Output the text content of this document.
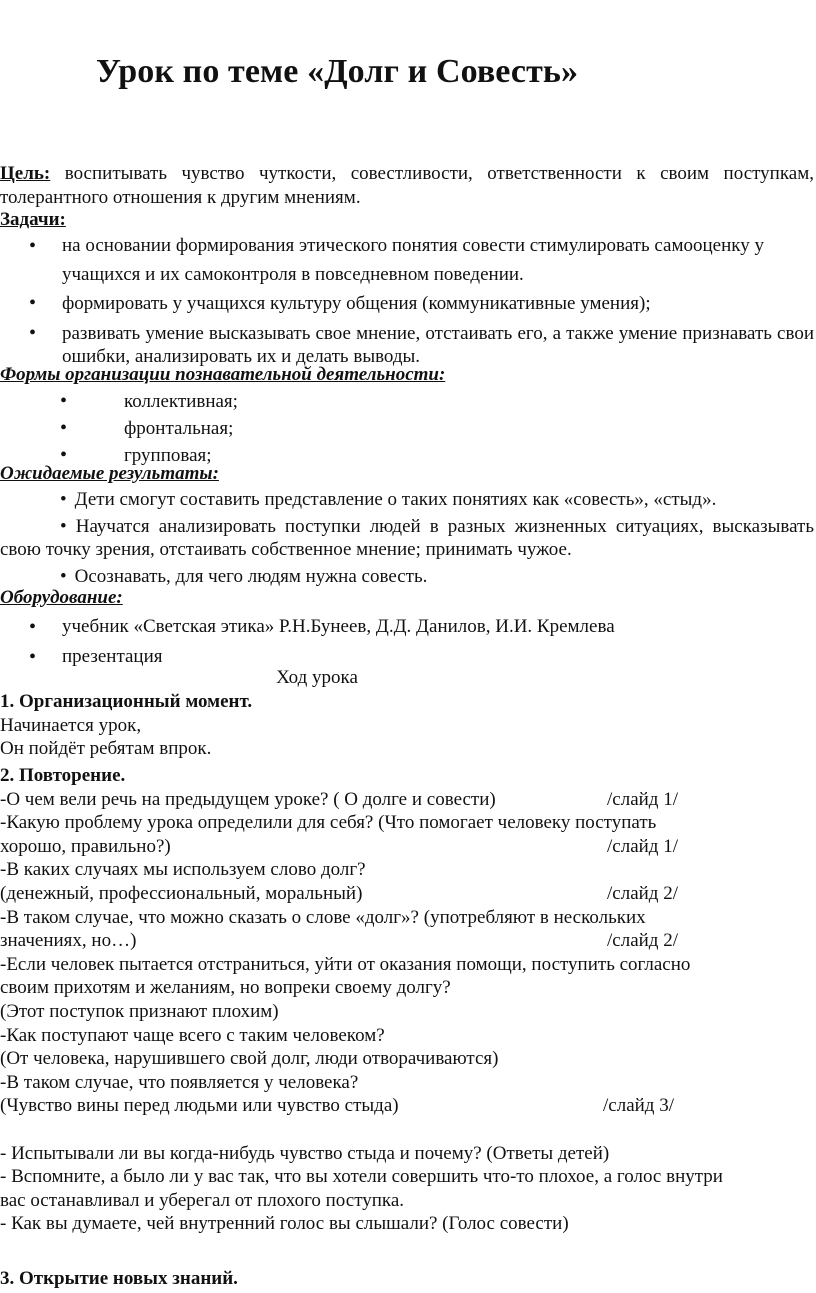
Урок по теме «Долг и Совесть»
Цель: воспитывать чувство чуткости, совестливости, ответственности к своим поступкам, толерантного отношения к другим мнениям.
Задачи:
• на основании формирования этического понятия совести стимулировать самооценку у учащихся и их самоконтроля в повседневном поведении.
• формировать у учащихся культуру общения (коммуникативные умения);
• развивать умение высказывать свое мнение, отстаивать его, а также умение признавать свои ошибки, анализировать их и делать выводы.
Формы организации познавательной деятельности:
•	коллективная;
•	фронтальная;
•	групповая;
Ожидаемые результаты:
• Дети смогут составить представление о таких понятиях как «совесть», «стыд».
• Научатся анализировать поступки людей в разных жизненных ситуациях, высказывать свою точку зрения, отстаивать собственное мнение; принимать чужое.
• Осознавать, для чего людям нужна совесть.
Оборудование:
• учебник «Светская этика» Р.Н.Бунеев, Д.Д. Данилов, И.И. Кремлева
• презентация
Ход урока
1. Организационный момент.
Начинается урок,
Он пойдёт ребятам впрок.
2. Повторение.
-О чем вели речь на предыдущем уроке? ( О долге и совести)	/слайд 1/
-Какую проблему урока определили для себя? (Что помогает человеку поступать
хорошо, правильно?)	/слайд 1/
-В каких случаях мы используем слово долг?
(денежный, профессиональный, моральный)	/слайд 2/
-В таком случае, что можно сказать о слове «долг»? (употребляют в нескольких
значениях, но…)	/слайд 2/
-Если человек пытается отстраниться, уйти от оказания помощи, поступить согласно
своим прихотям и желаниям, но вопреки своему долгу?
(Этот поступок признают плохим)
-Как поступают чаще всего с таким человеком?
(От человека, нарушившего свой долг, люди отворачиваются)
-В таком случае, что появляется у человека?
(Чувство вины перед людьми или чувство стыда)	/слайд 3/
- Испытывали ли вы когда-нибудь чувство стыда и почему? (Ответы детей)
- Вспомните, а было ли у вас так, что вы хотели совершить что-то плохое, а голос внутри
вас останавливал и уберегал от плохого поступка.
- Как вы думаете, чей внутренний голос вы слышали? (Голос совести)
3. Открытие новых знаний.
